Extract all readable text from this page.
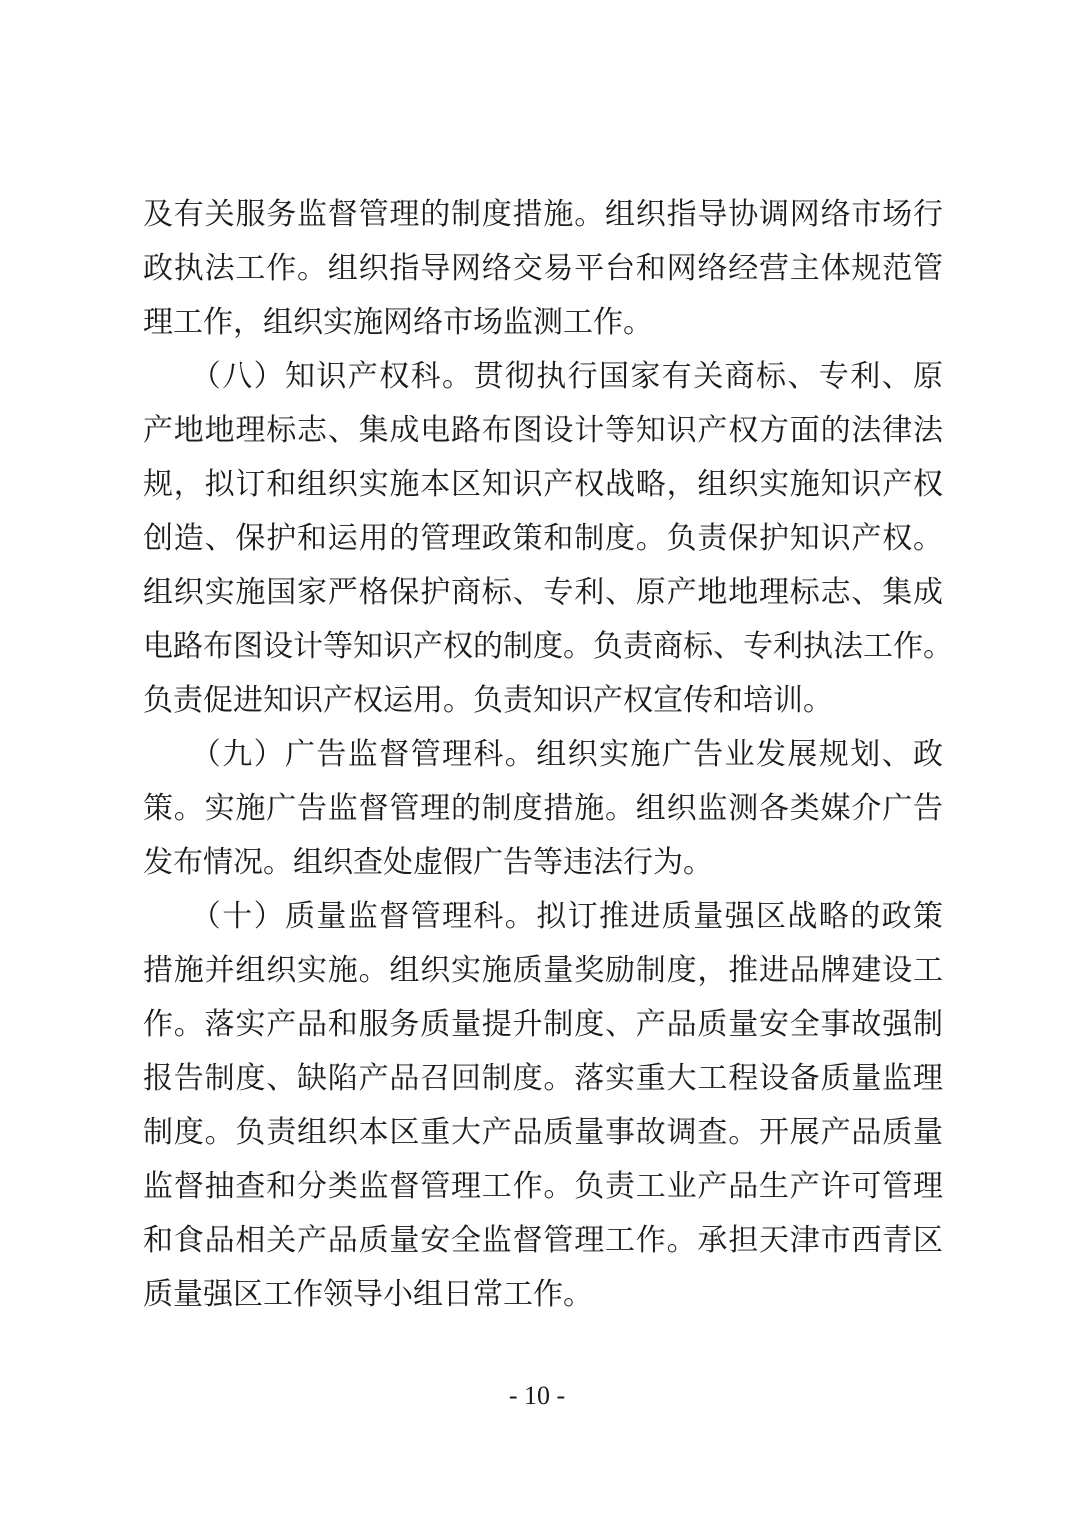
及有关服务监督管理的制度措施。组织指导协调网络市场行
政执法工作。组织指导网络交易平台和网络经营主体规范管
理工作，组织实施网络市场监测工作。
　　（八）知识产权科。贯彻执行国家有关商标、专利、原
产地地理标志、集成电路布图设计等知识产权方面的法律法
规，拟订和组织实施本区知识产权战略，组织实施知识产权
创造、保护和运用的管理政策和制度。负责保护知识产权。
组织实施国家严格保护商标、专利、原产地地理标志、集成
电路布图设计等知识产权的制度。负责商标、专利执法工作。
负责促进知识产权运用。负责知识产权宣传和培训。
　　（九）广告监督管理科。组织实施广告业发展规划、政
策。实施广告监督管理的制度措施。组织监测各类媒介广告
发布情况。组织查处虚假广告等违法行为。
　　（十）质量监督管理科。拟订推进质量强区战略的政策
措施并组织实施。组织实施质量奖励制度，推进品牌建设工
作。落实产品和服务质量提升制度、产品质量安全事故强制
报告制度、缺陷产品召回制度。落实重大工程设备质量监理
制度。负责组织本区重大产品质量事故调查。开展产品质量
监督抽查和分类监督管理工作。负责工业产品生产许可管理
和食品相关产品质量安全监督管理工作。承担天津市西青区
质量强区工作领导小组日常工作。
- 10 -
